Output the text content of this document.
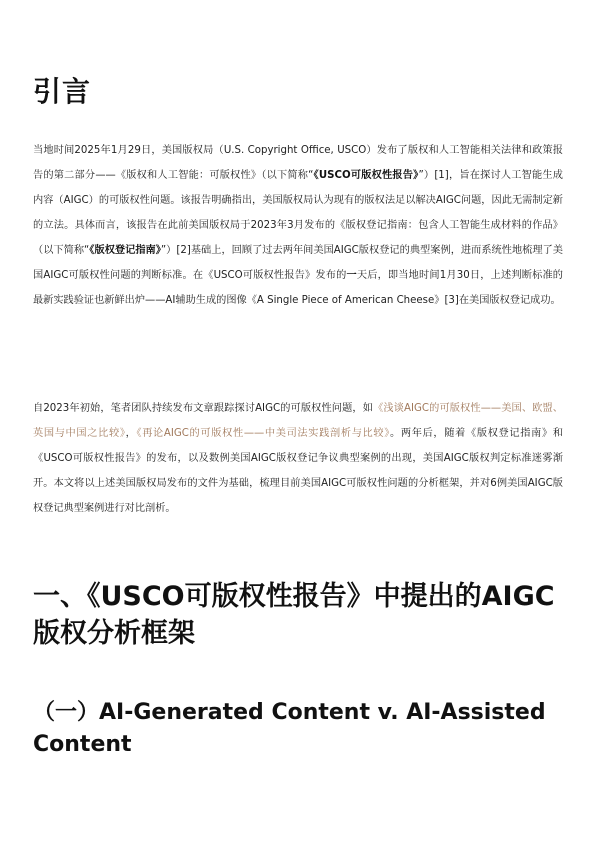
引言

当地时间2025年1月29日，美国版权局（U.S. Copyright Office, USCO）发布了版权和人工智能相关法律和政策报告的第二部分——《版权和人工智能：可版权性》（以下简称“《USCO可版权性报告》”）[1]，旨在探讨人工智能生成内容（AIGC）的可版权性问题。该报告明确指出，美国版权局认为现有的版权法足以解决AIGC问题，因此无需制定新的立法。具体而言，该报告在此前美国版权局于2023年3月发布的《版权登记指南：包含人工智能生成材料的作品》（以下简称“《版权登记指南》”）[2]基础上，回顾了过去两年间美国AIGC版权登记的典型案例，进而系统性地梳理了美国AIGC可版权性问题的判断标准。在《USCO可版权性报告》发布的一天后，即当地时间1月30日，上述判断标准的最新实践验证也新鲜出炉——AI辅助生成的图像《A Single Piece of American Cheese》[3]在美国版权登记成功。

自2023年初始，笔者团队持续发布文章跟踪探讨AIGC的可版权性问题，如《浅谈AIGC的可版权性——美国、欧盟、英国与中国之比较》，《再论AIGC的可版权性——中美司法实践剖析与比较》。两年后，随着《版权登记指南》和《USCO可版权性报告》的发布，以及数例美国AIGC版权登记争议典型案例的出现，美国AIGC版权判定标准迷雾渐开。本文将以上述美国版权局发布的文件为基础，梳理目前美国AIGC可版权性问题的分析框架，并对6例美国AIGC版权登记典型案例进行对比剖析。

一、《USCO可版权性报告》中提出的AIGC版权分析框架
（一）AI-Generated Content v. AI-Assisted Content
